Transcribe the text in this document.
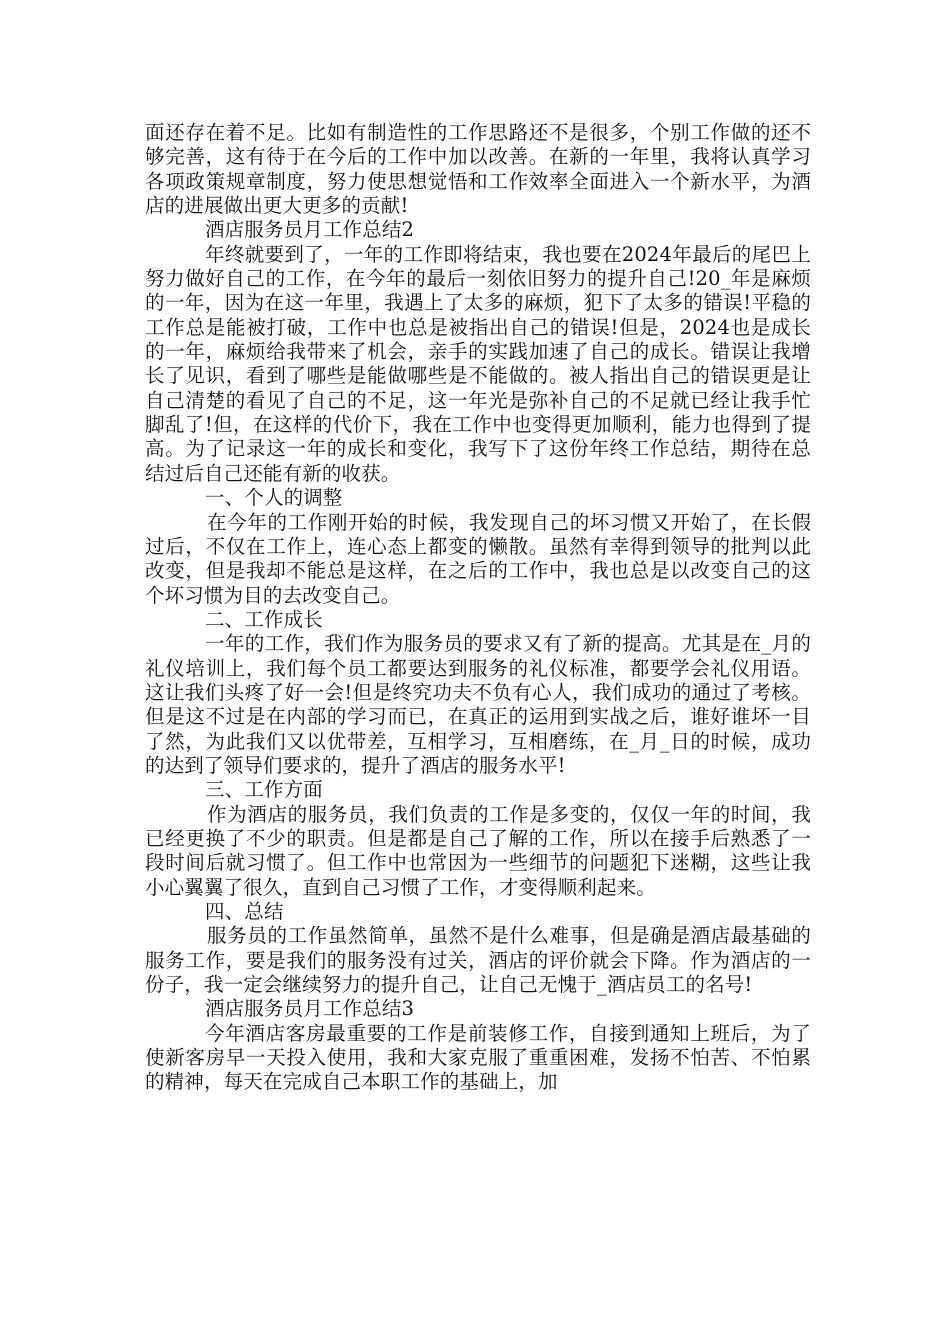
面还存在着不足。比如有制造性的工作思路还不是很多，个别工作做的还不够完善，这有待于在今后的工作中加以改善。在新的一年里，我将认真学习各项政策规章制度，努力使思想觉悟和工作效率全面进入一个新水平，为酒店的进展做出更大更多的贡献!

酒店服务员月工作总结2

年终就要到了，一年的工作即将结束，我也要在2024年最后的尾巴上努力做好自己的工作，在今年的最后一刻依旧努力的提升自己!20_年是麻烦的一年，因为在这一年里，我遇上了太多的麻烦，犯下了太多的错误!平稳的工作总是能被打破，工作中也总是被指出自己的错误!但是，2024也是成长的一年，麻烦给我带来了机会，亲手的实践加速了自己的成长。错误让我增长了见识，看到了哪些是能做哪些是不能做的。被人指出自己的错误更是让自己清楚的看见了自己的不足，这一年光是弥补自己的不足就已经让我手忙脚乱了!但，在这样的代价下，我在工作中也变得更加顺利，能力也得到了提高。为了记录这一年的成长和变化，我写下了这份年终工作总结，期待在总结过后自己还能有新的收获。

一、个人的调整

在今年的工作刚开始的时候，我发现自己的坏习惯又开始了，在长假过后，不仅在工作上，连心态上都变的懒散。虽然有幸得到领导的批判以此改变，但是我却不能总是这样，在之后的工作中，我也总是以改变自己的这个坏习惯为目的去改变自己。

二、工作成长

一年的工作，我们作为服务员的要求又有了新的提高。尤其是在_月的礼仪培训上，我们每个员工都要达到服务的礼仪标准，都要学会礼仪用语。这让我们头疼了好一会!但是终究功夫不负有心人，我们成功的通过了考核。但是这不过是在内部的学习而已，在真正的运用到实战之后，谁好谁坏一目了然，为此我们又以优带差，互相学习，互相磨练，在_月_日的时候，成功的达到了领导们要求的，提升了酒店的服务水平!

三、工作方面

作为酒店的服务员，我们负责的工作是多变的，仅仅一年的时间，我已经更换了不少的职责。但是都是自己了解的工作，所以在接手后熟悉了一段时间后就习惯了。但工作中也常因为一些细节的问题犯下迷糊，这些让我小心翼翼了很久，直到自己习惯了工作，才变得顺利起来。

四、总结

服务员的工作虽然简单，虽然不是什么难事，但是确是酒店最基础的服务工作，要是我们的服务没有过关，酒店的评价就会下降。作为酒店的一份子，我一定会继续努力的提升自己，让自己无愧于_酒店员工的名号!

酒店服务员月工作总结3

今年酒店客房最重要的工作是前装修工作，自接到通知上班后，为了使新客房早一天投入使用，我和大家克服了重重困难，发扬不怕苦、不怕累的精神，每天在完成自己本职工作的基础上，加
